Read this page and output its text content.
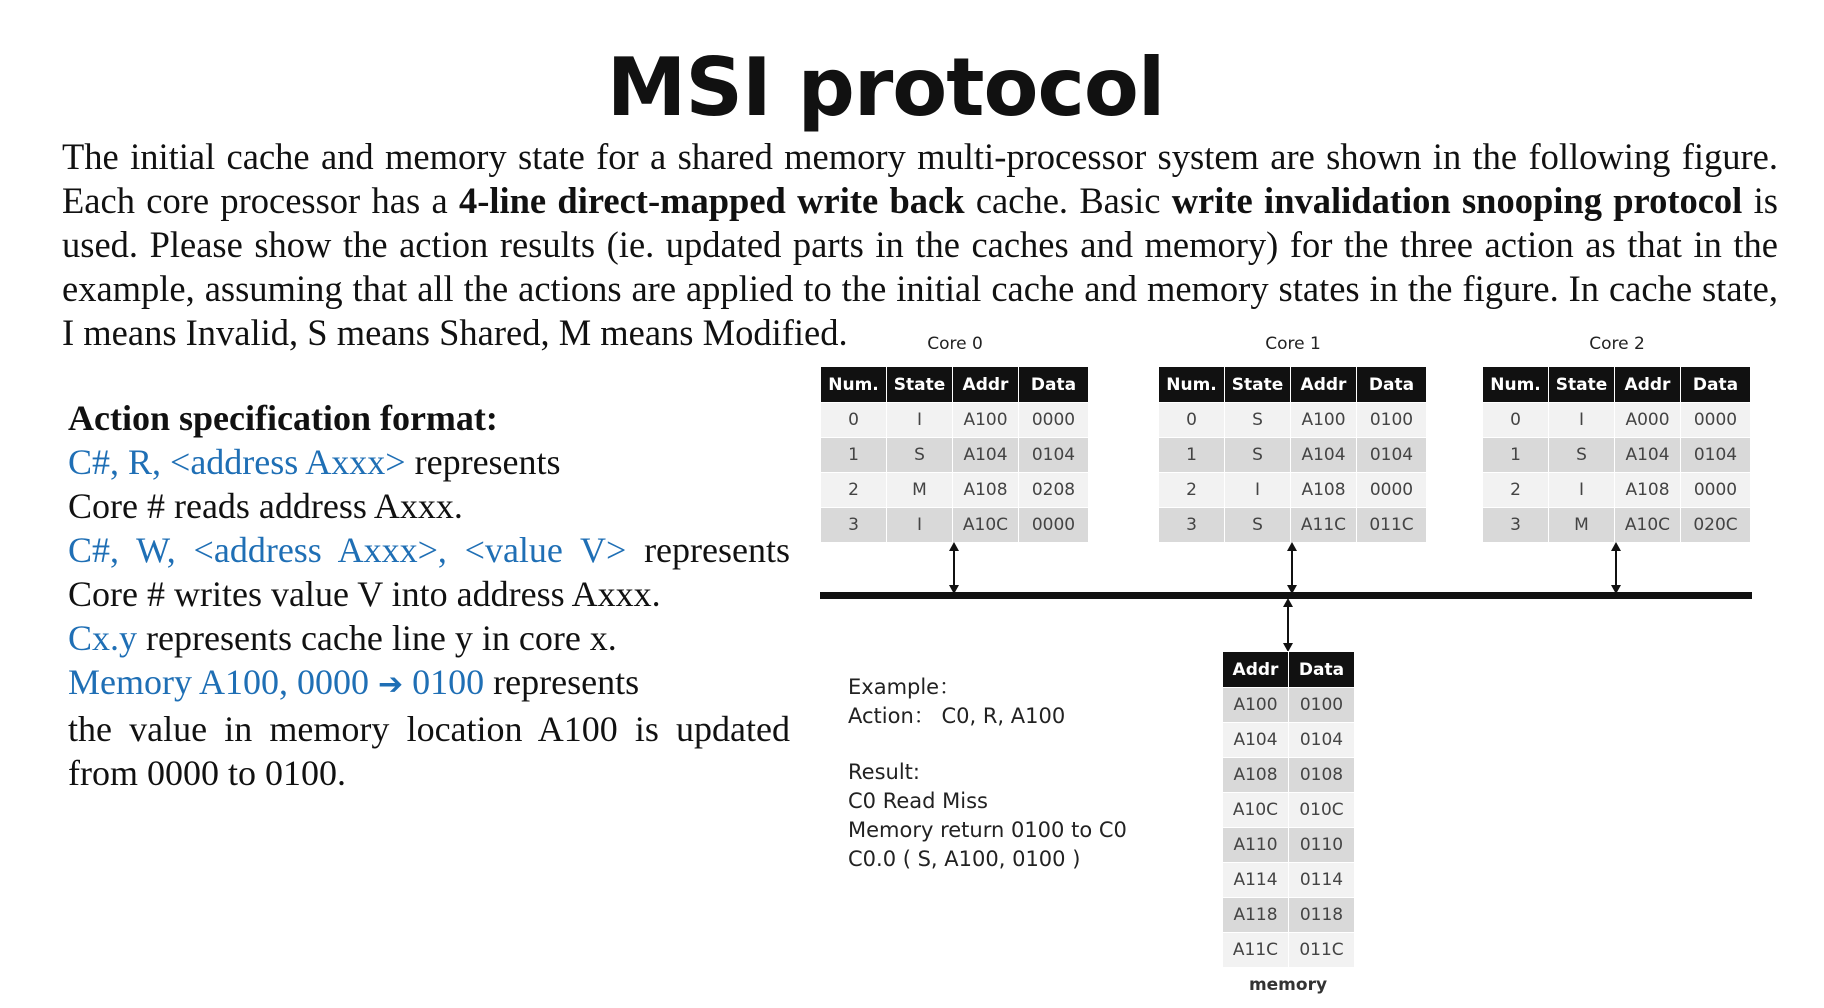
MSI protocol

The initial cache and memory state for a shared memory multi-processor system are shown in the following figure. Each core processor has a 4-line direct-mapped write back cache. Basic write invalidation snooping protocol is used. Please show the action results (ie. updated parts in the caches and memory) for the three action as that in the example, assuming that all the actions are applied to the initial cache and memory states in the figure. In cache state, I means Invalid, S means Shared, M means Modified.

Action specification format:
C#, R, <address Axxx> represents
Core # reads address Axxx.
C#, W, <address Axxx>, <value V> represents
Core # writes value V into address Axxx.
Cx.y represents cache line y in core x.
Memory A100, 0000 ➔ 0100 represents
the value in memory location A100 is updated
from 0000 to 0100.
Core 0
Num.	State	Addr	Data
0	I	A100	0000
1	S	A104	0104
2	M	A108	0208
3	I	A10C	0000
Core 1
Num.	State	Addr	Data
0	S	A100	0100
1	S	A104	0104
2	I	A108	0000
3	S	A11C	011C
Core 2
Num.	State	Addr	Data
0	I	A000	0000
1	S	A104	0104
2	I	A108	0000
3	M	A10C	020C
Addr	Data
A100	0100
A104	0104
A108	0108
A10C	010C
A110	0110
A114	0114
A118	0118
A11C	011C
memory
Example：
Action： C0, R, A100
Result:
C0 Read Miss
Memory return 0100 to C0
C0.0 ( S, A100, 0100 )
